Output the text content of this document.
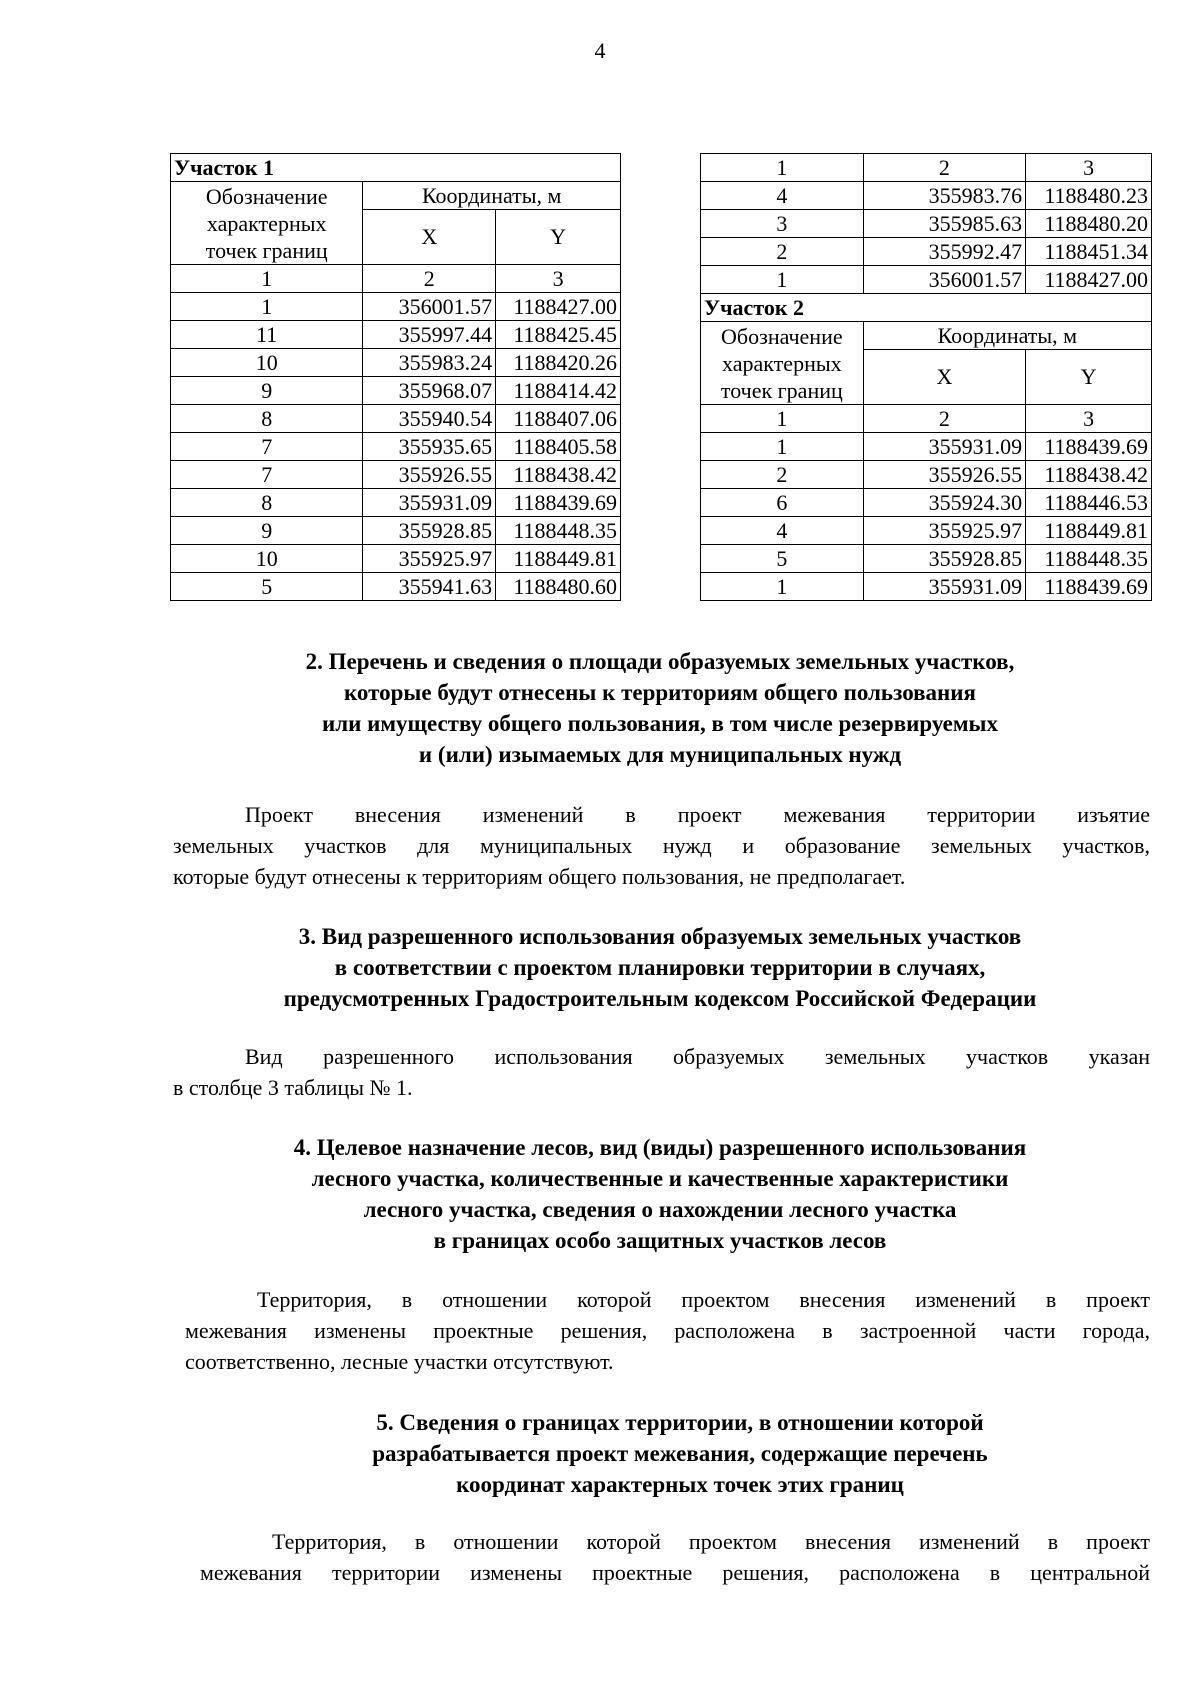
4
Участок 1		
Обозначение
характерных
точек границ	Координаты, м	
	X	Y
1	2	3
1	356001.57	1188427.00
11	355997.44	1188425.45
10	355983.24	1188420.26
9	355968.07	1188414.42
8	355940.54	1188407.06
7	355935.65	1188405.58
7	355926.55	1188438.42
8	355931.09	1188439.69
9	355928.85	1188448.35
10	355925.97	1188449.81
5	355941.63	1188480.60
1	2	3
4	355983.76	1188480.23
3	355985.63	1188480.20
2	355992.47	1188451.34
1	356001.57	1188427.00
Участок 2		
Обозначение
характерных
точек границ	Координаты, м	
	X	Y
1	2	3
1	355931.09	1188439.69
2	355926.55	1188438.42
6	355924.30	1188446.53
4	355925.97	1188449.81
5	355928.85	1188448.35
1	355931.09	1188439.69
2. Перечень и сведения о площади образуемых земельных участков,
которые будут отнесены к территориям общего пользования
или имуществу общего пользования, в том числе резервируемых
и (или) изымаемых для муниципальных нужд
Проект внесения изменений в проект межевания территории изъятие
земельных участков для муниципальных нужд и образование земельных участков,
которые будут отнесены к территориям общего пользования, не предполагает.
3. Вид разрешенного использования образуемых земельных участков
в соответствии с проектом планировки территории в случаях,
предусмотренных Градостроительным кодексом Российской Федерации
Вид разрешенного использования образуемых земельных участков указан
в столбце 3 таблицы № 1.
4. Целевое назначение лесов, вид (виды) разрешенного использования
лесного участка, количественные и качественные характеристики
лесного участка, сведения о нахождении лесного участка
в границах особо защитных участков лесов
Территория, в отношении которой проектом внесения изменений в проект
межевания изменены проектные решения, расположена в застроенной части города,
соответственно, лесные участки отсутствуют.
5. Сведения о границах территории, в отношении которой
разрабатывается проект межевания, содержащие перечень
координат характерных точек этих границ
Территория, в отношении которой проектом внесения изменений в проект
межевания территории изменены проектные решения, расположена в центральной
